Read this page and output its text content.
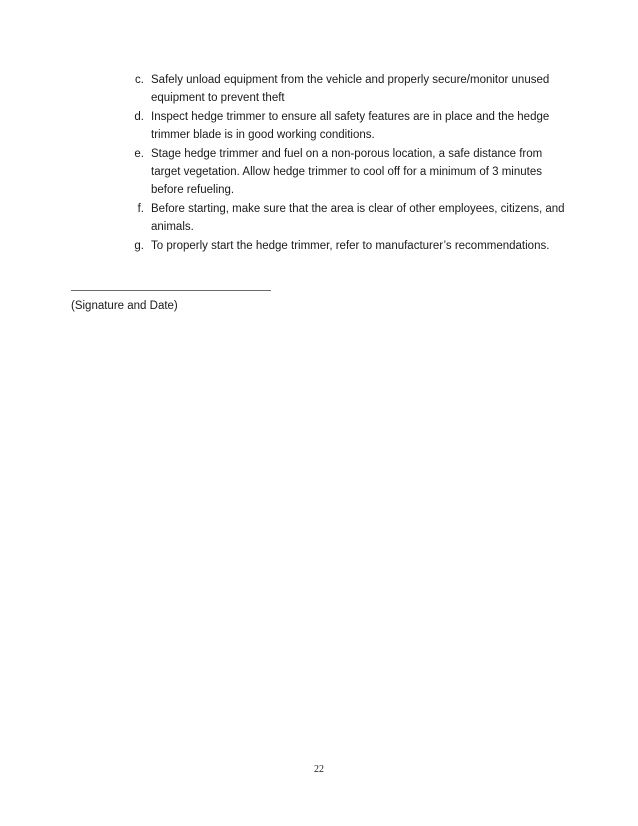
c. Safely unload equipment from the vehicle and properly secure/monitor unused equipment to prevent theft
d. Inspect hedge trimmer to ensure all safety features are in place and the hedge trimmer blade is in good working conditions.
e. Stage hedge trimmer and fuel on a non-porous location, a safe distance from target vegetation. Allow hedge trimmer to cool off for a minimum of 3 minutes before refueling.
f. Before starting, make sure that the area is clear of other employees, citizens, and animals.
g. To properly start the hedge trimmer, refer to manufacturer’s recommendations.
(Signature and Date)
22
